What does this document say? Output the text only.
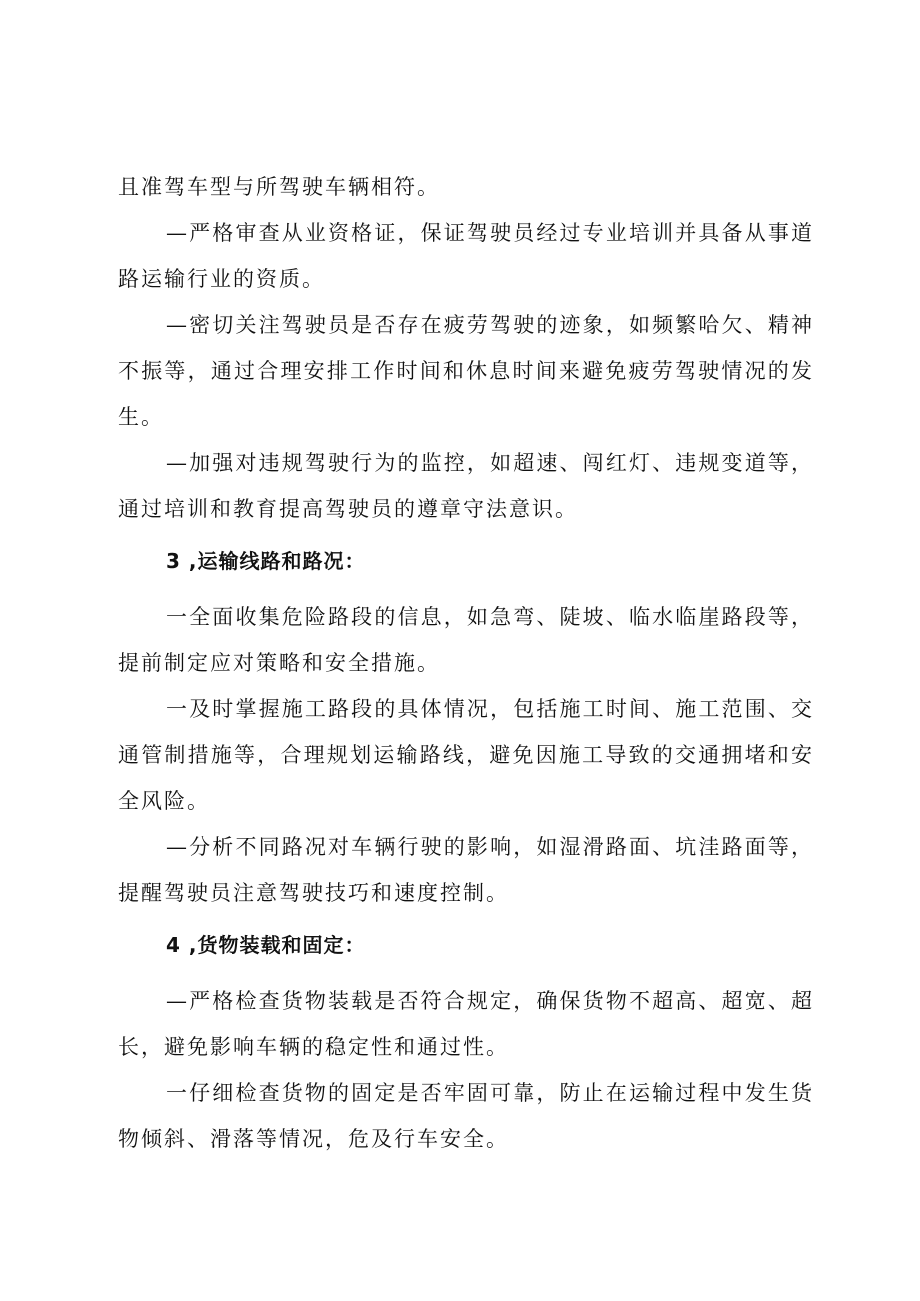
且准驾车型与所驾驶车辆相符。

—严格审查从业资格证，保证驾驶员经过专业培训并具备从事道路运输行业的资质。

—密切关注驾驶员是否存在疲劳驾驶的迹象，如频繁哈欠、精神不振等，通过合理安排工作时间和休息时间来避免疲劳驾驶情况的发生。

—加强对违规驾驶行为的监控，如超速、闯红灯、违规变道等，通过培训和教育提高驾驶员的遵章守法意识。

3 ,运输线路和路况：

一全面收集危险路段的信息，如急弯、陡坡、临水临崖路段等，提前制定应对策略和安全措施。

一及时掌握施工路段的具体情况，包括施工时间、施工范围、交通管制措施等，合理规划运输路线，避免因施工导致的交通拥堵和安全风险。

—分析不同路况对车辆行驶的影响，如湿滑路面、坑洼路面等，提醒驾驶员注意驾驶技巧和速度控制。

4 ,货物装载和固定：

—严格检查货物装载是否符合规定，确保货物不超高、超宽、超长，避免影响车辆的稳定性和通过性。

一仔细检查货物的固定是否牢固可靠，防止在运输过程中发生货物倾斜、滑落等情况，危及行车安全。
